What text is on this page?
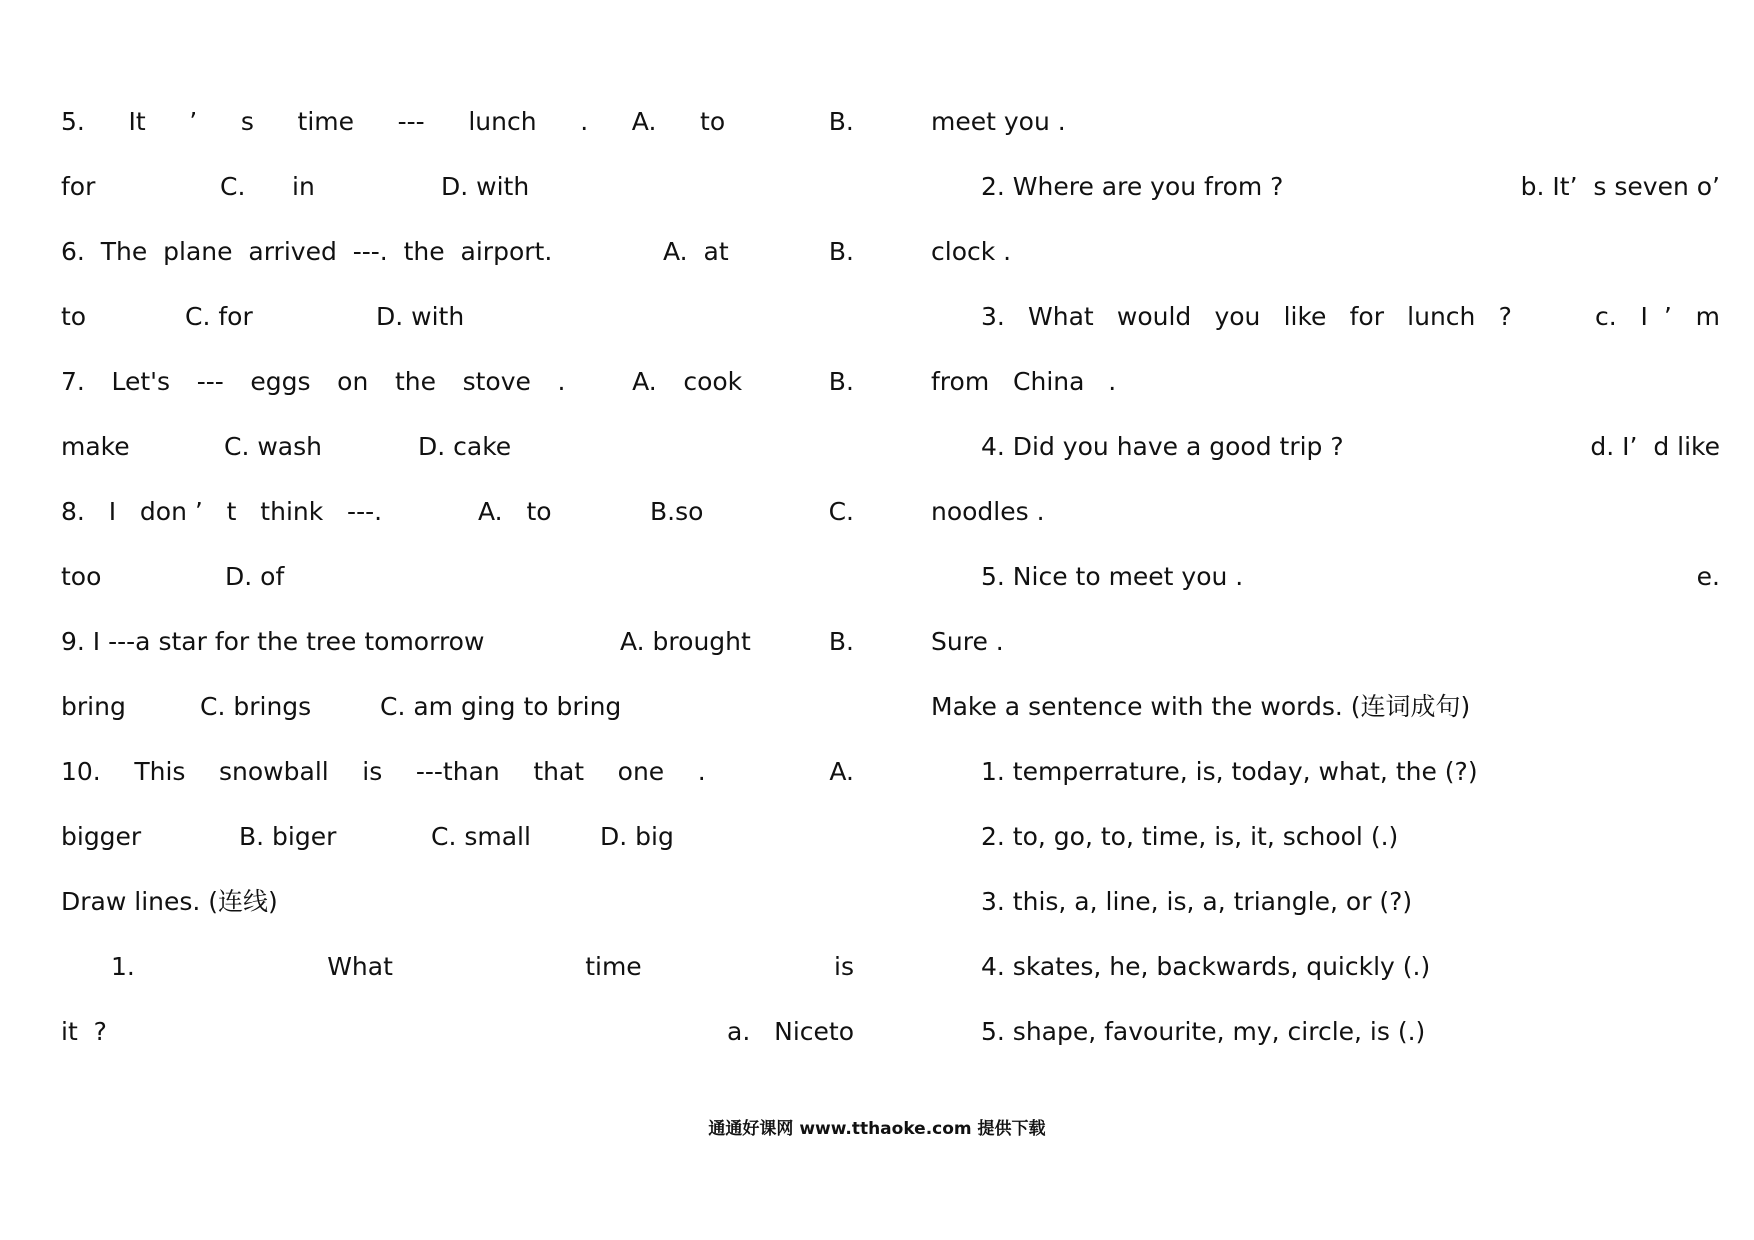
5. It ’ s time --- lunch . A. to	B.
for	C. in	D. with
6.  The  plane  arrived  ---.  the  airport.	A.  at	B.
to	C. for	D. with
7. Let's --- eggs on the stove .	A. cook	B.
make	C. wash	D. cake
8.   I   don ’   t   think   ---.	A.   to	B.so	C.
too	D. of
9. I ---a star for the tree tomorrow	A. brought	B.
bring	C. brings	C. am ging to bring
10. This snowball is ---than that one .	A.
bigger	B. biger	C. small	D. big
Draw lines. (连线)
1.	What	time	is
it  ?	a.   Niceto
meet you .
2. Where are you from ?	b. It’  s seven o’
clock .
3. What would you like for lunch ?	c.   I  ’   m
from   China   .
4. Did you have a good trip ?	d. I’  d like
noodles .
5. Nice to meet you .	e.
Sure .
Make a sentence with the words. (连词成句)
1. temperrature, is, today, what, the (?)
2. to, go, to, time, is, it, school (.)
3. this, a, line, is, a, triangle, or (?)
4. skates, he, backwards, quickly (.)
5. shape, favourite, my, circle, is (.)
通通好课网 www.tthaoke.com 提供下载
